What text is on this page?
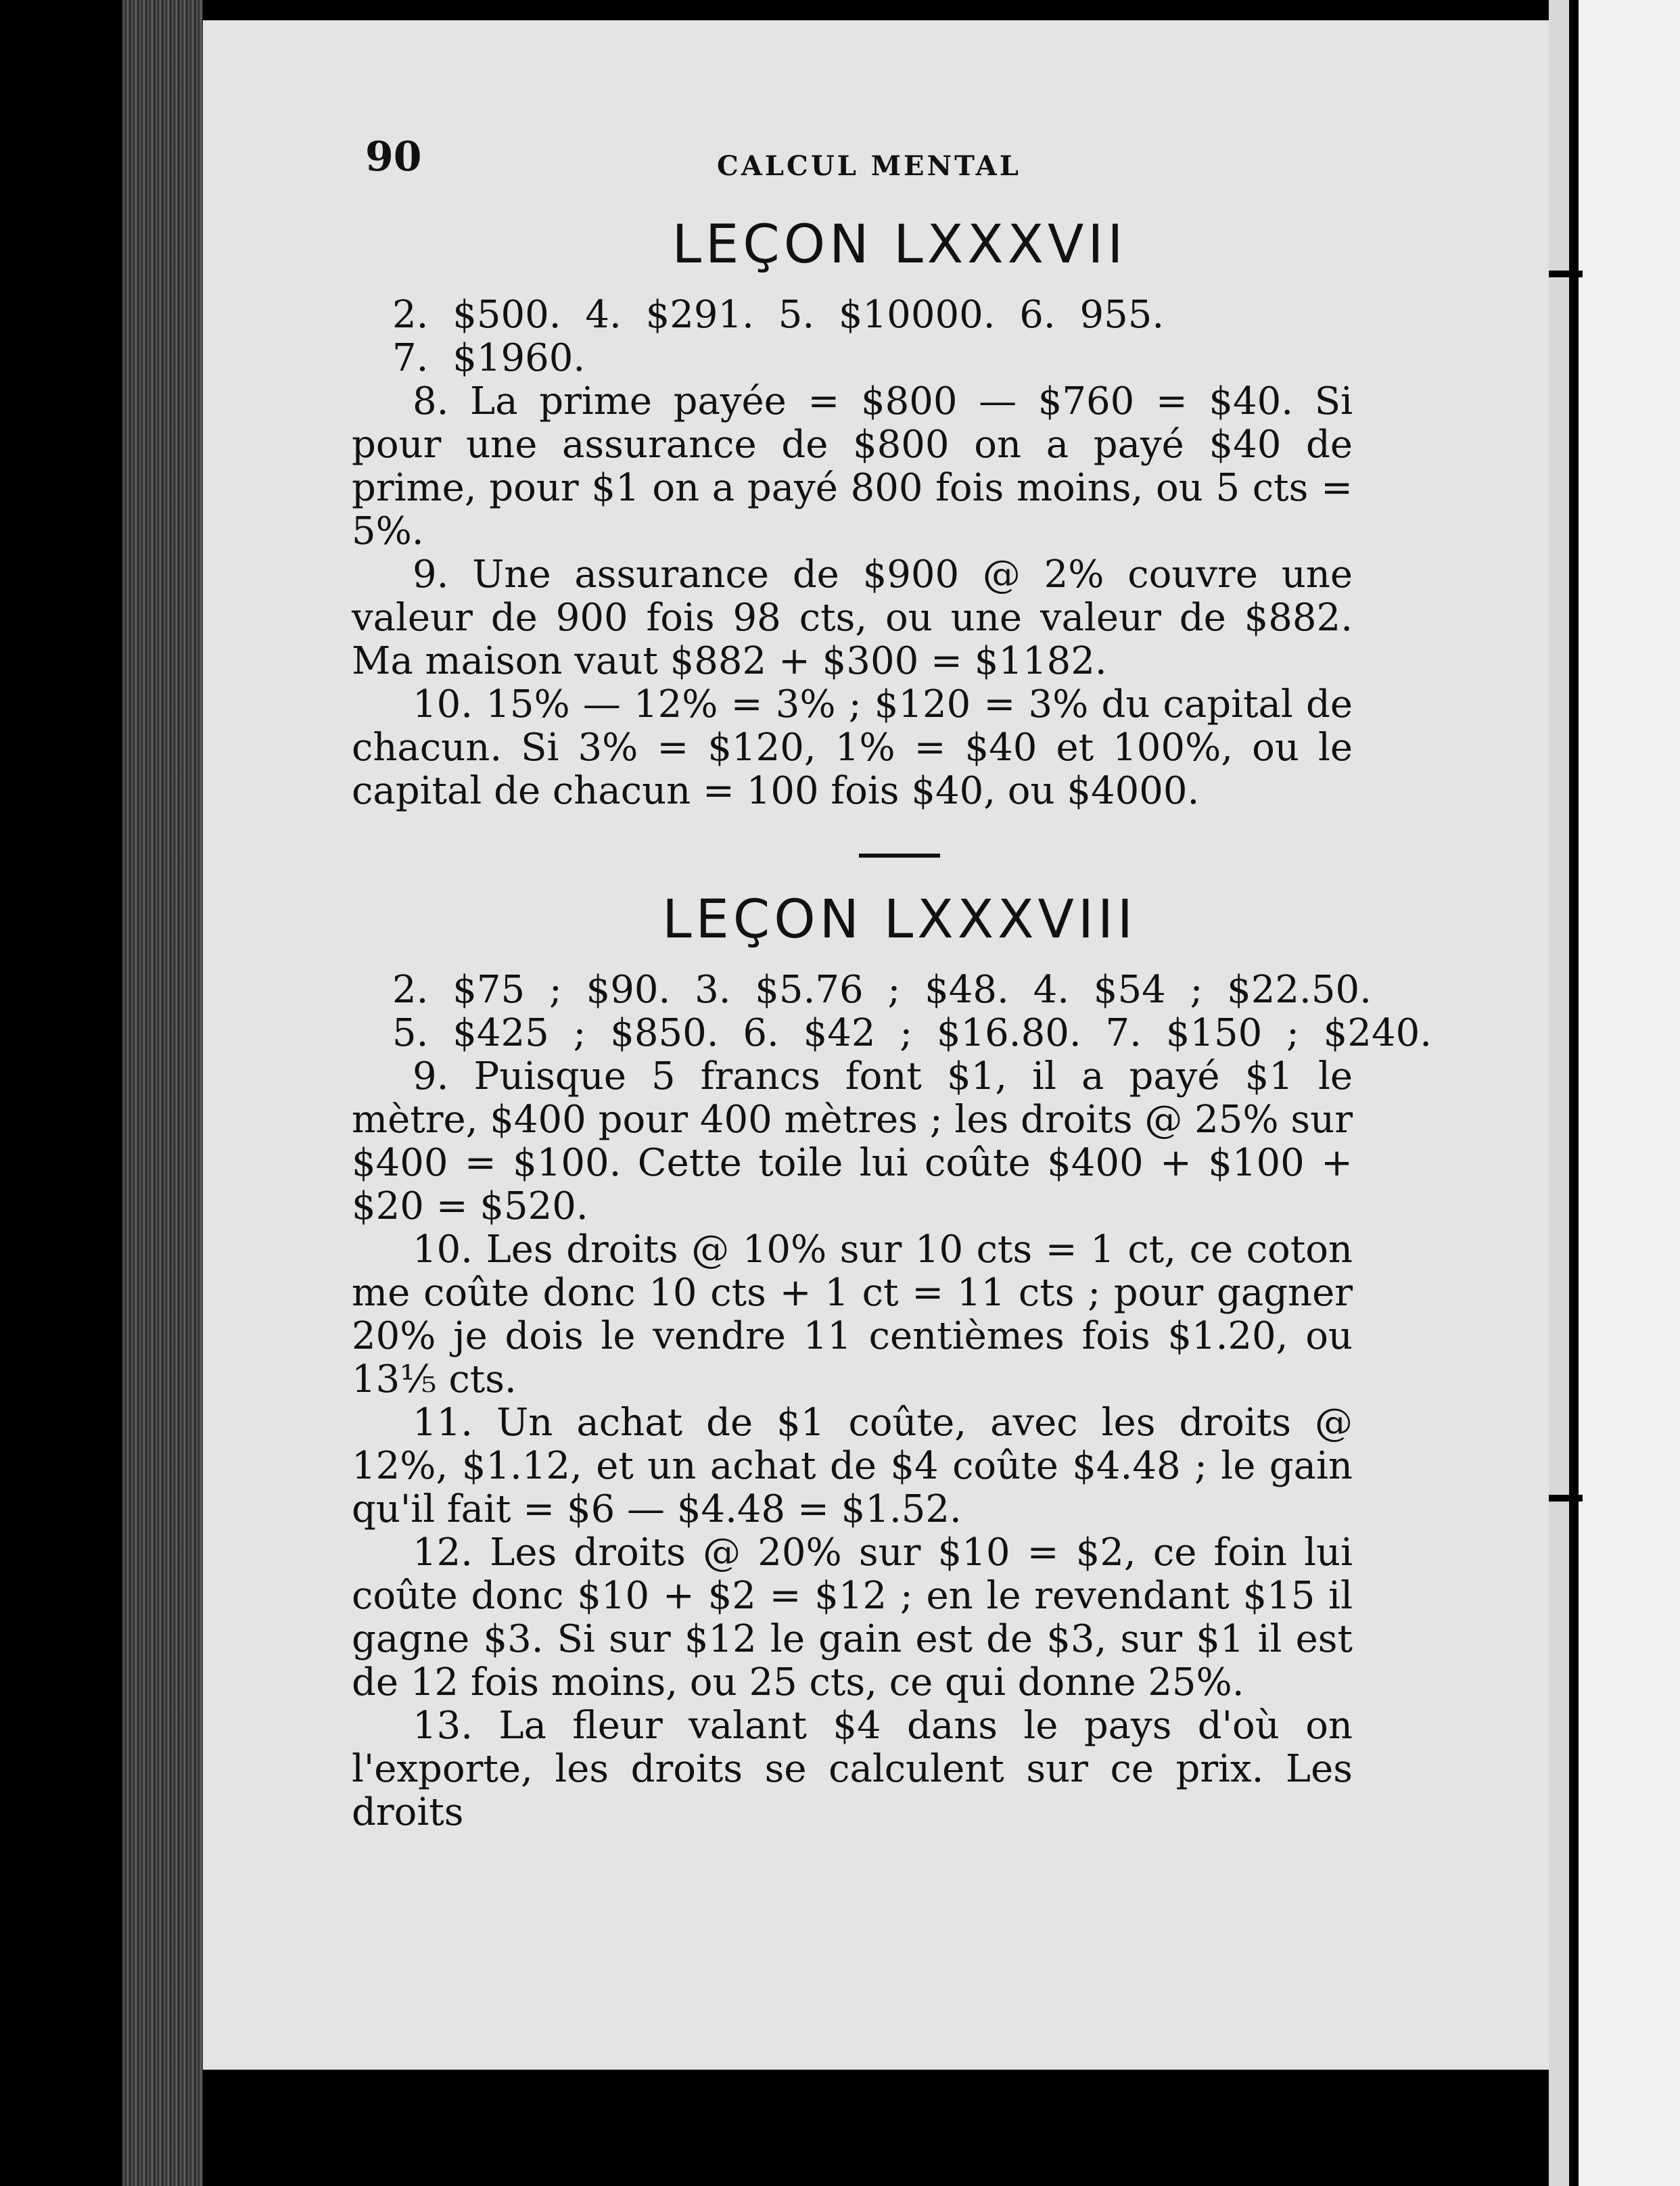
90	CALCUL MENTAL
LEÇON LXXXVII
2. $500. 4. $291. 5. $10000. 6. 955.
7. $1960.

8. La prime payée = $800 — $760 = $40. Si pour une assurance de $800 on a payé $40 de prime, pour $1 on a payé 800 fois moins, ou 5 cts = 5%.

9. Une assurance de $900 @ 2% couvre une valeur de 900 fois 98 cts, ou une valeur de $882. Ma maison vaut $882 + $300 = $1182.

10. 15% — 12% = 3% ; $120 = 3% du capital de chacun. Si 3% = $120, 1% = $40 et 100%, ou le capital de chacun = 100 fois $40, ou $4000.

LEÇON LXXXVIII
2. $75 ; $90. 3. $5.76 ; $48. 4. $54 ; $22.50.
5. $425 ; $850. 6. $42 ; $16.80. 7. $150 ; $240.

9. Puisque 5 francs font $1, il a payé $1 le mètre, $400 pour 400 mètres ; les droits @ 25% sur $400 = $100. Cette toile lui coûte $400 + $100 + $20 = $520.

10. Les droits @ 10% sur 10 cts = 1 ct, ce coton me coûte donc 10 cts + 1 ct = 11 cts ; pour gagner 20% je dois le vendre 11 centièmes fois $1.20, ou 13⅕ cts.

11. Un achat de $1 coûte, avec les droits @ 12%, $1.12, et un achat de $4 coûte $4.48 ; le gain qu'il fait = $6 — $4.48 = $1.52.

12. Les droits @ 20% sur $10 = $2, ce foin lui coûte donc $10 + $2 = $12 ; en le revendant $15 il gagne $3. Si sur $12 le gain est de $3, sur $1 il est de 12 fois moins, ou 25 cts, ce qui donne 25%.

13. La fleur valant $4 dans le pays d'où on l'exporte, les droits se calculent sur ce prix. Les droits
